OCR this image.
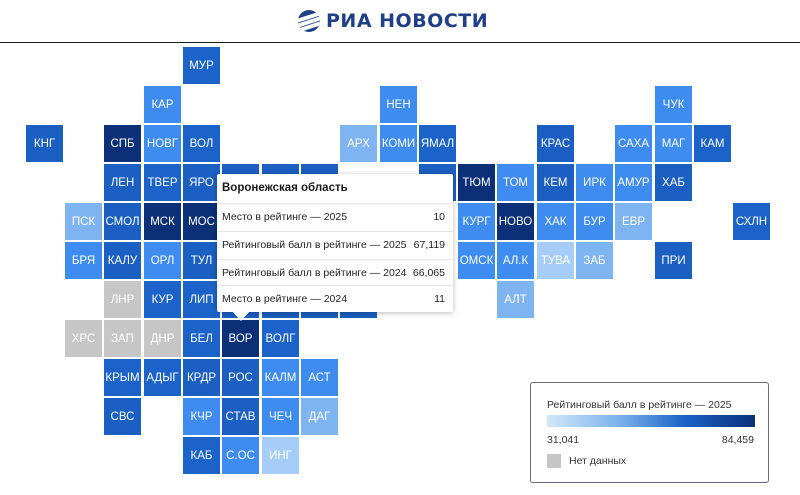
РИА НОВОСТИ
МУР
КАР	НЕН	ЧУК
КНГ	СПБ	НОВГ	ВОЛ	АРХ	КОМИ ЯМАЛ	КРАС	САХА	МАГ	КАМ
ЛЕН	ТВЕР	ЯРО	ТЮМ	ТОМ	КЕМ	ИРК	АМУР	ХАБ
ПСК СМОЛ МСК	МОС	КУРГ НОВО	ХАК	БУР	ЕВР	СХЛН
БРЯ	КАЛУ	ОРЛ	ТУЛ	ОМСК АЛ.К	ТУВА	ЗАБ	ПРИ
ЛНР	КУР	ЛИП	АЛТ
ХРС	ЗАП	ДНР	БЕЛ	ВОР	ВОЛГ
КРЫМ АДЫГ КРДР	РОС	КАЛМ	АСТ
СВС	КЧР	СТАВ	ЧЕЧ	ДАГ
КАБ	С.ОС	ИНГ
Воронежская область
Место в рейтинге — 2025	10
Рейтинговый балл в рейтинге — 2025 67,119
Рейтинговый балл в рейтинге — 2024 66,065
Место в рейтинге — 2024	11
Рейтинговый балл в рейтинге — 2025
31,041	84,459
Нет данных
